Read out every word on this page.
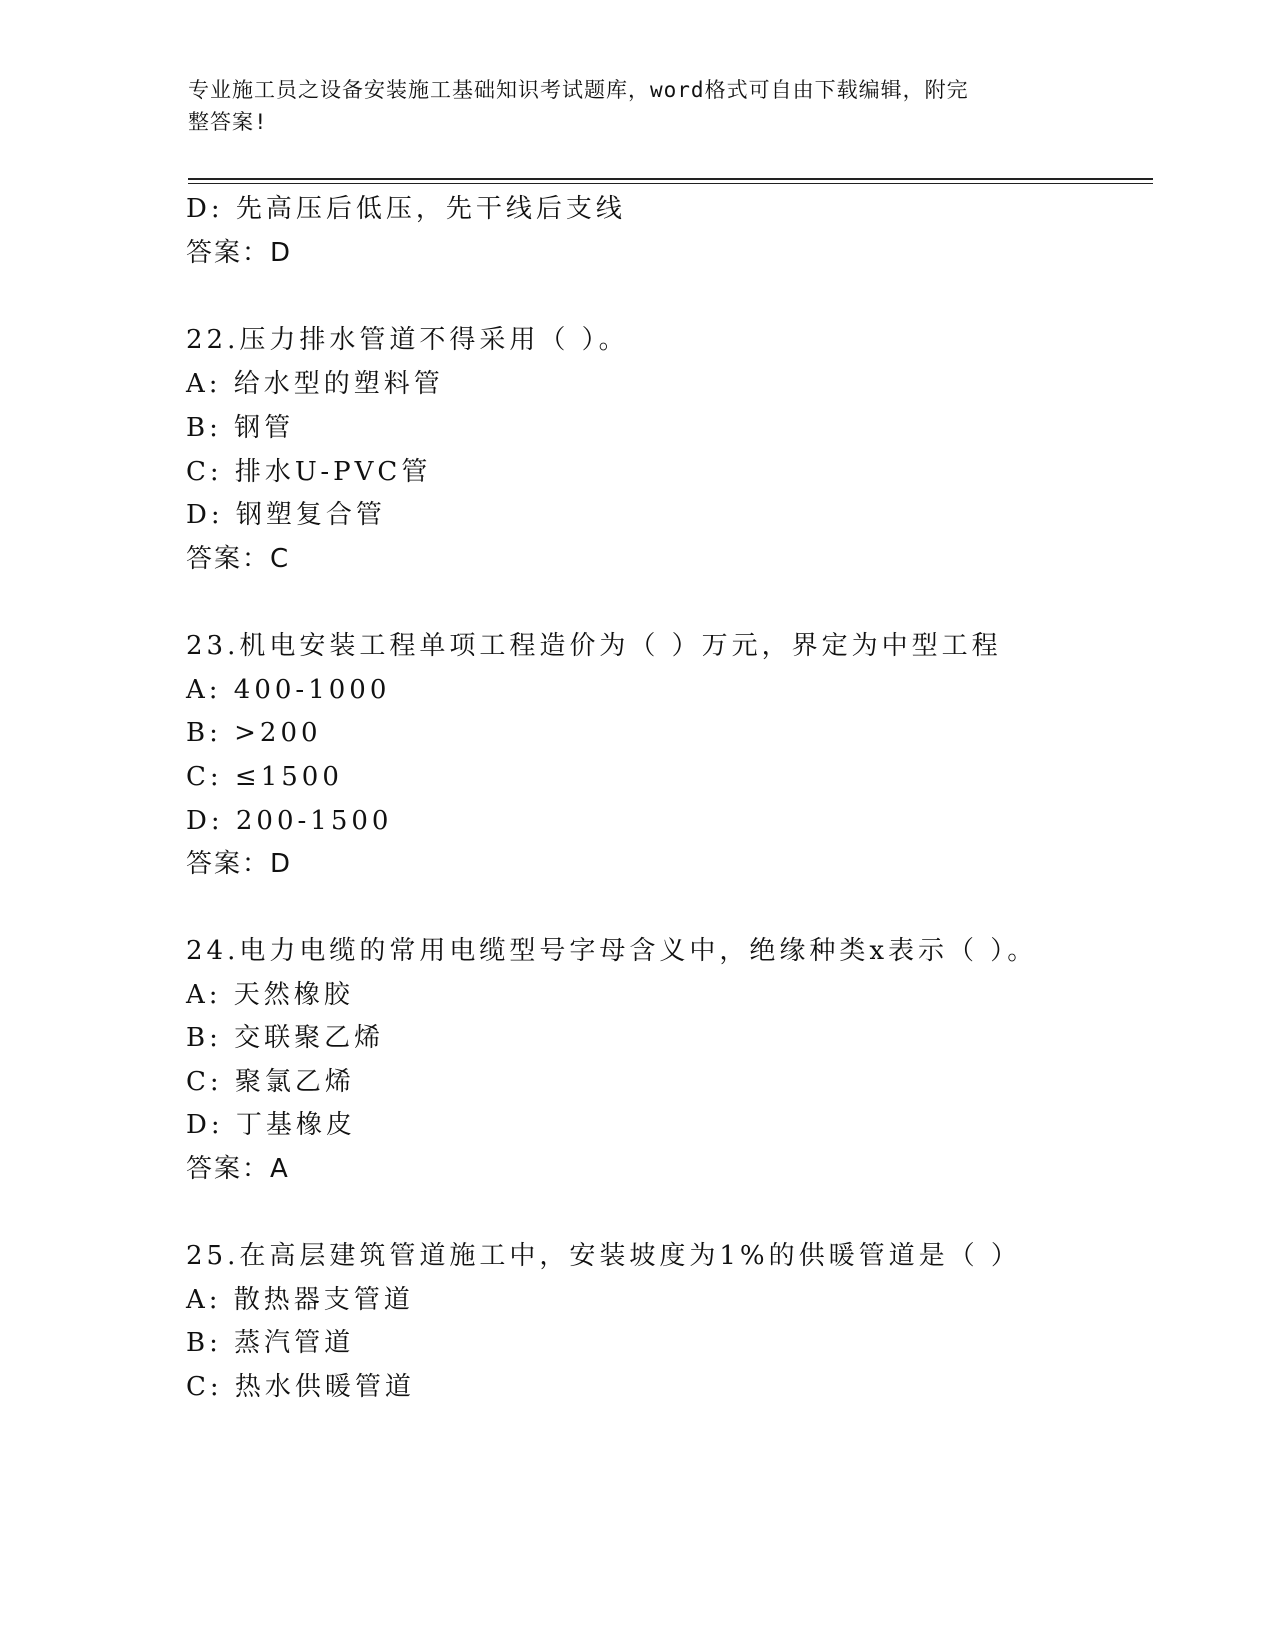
专业施工员之设备安装施工基础知识考试题库，word格式可自由下载编辑，附完
整答案!
D: 先高压后低压，先干线后支线
答案：D
22.压力排水管道不得采用（ ）。
A: 给水型的塑料管
B: 钢管
C: 排水U-PVC管
D: 钢塑复合管
答案：C
23.机电安装工程单项工程造价为（ ）万元，界定为中型工程
A: 400-1000
B: >200
C: ≤1500
D: 200-1500
答案：D
24.电力电缆的常用电缆型号字母含义中，绝缘种类x表示（ ）。
A: 天然橡胶
B: 交联聚乙烯
C: 聚氯乙烯
D: 丁基橡皮
答案：A
25.在高层建筑管道施工中，安装坡度为1%的供暖管道是（ ）
A: 散热器支管道
B: 蒸汽管道
C: 热水供暖管道
